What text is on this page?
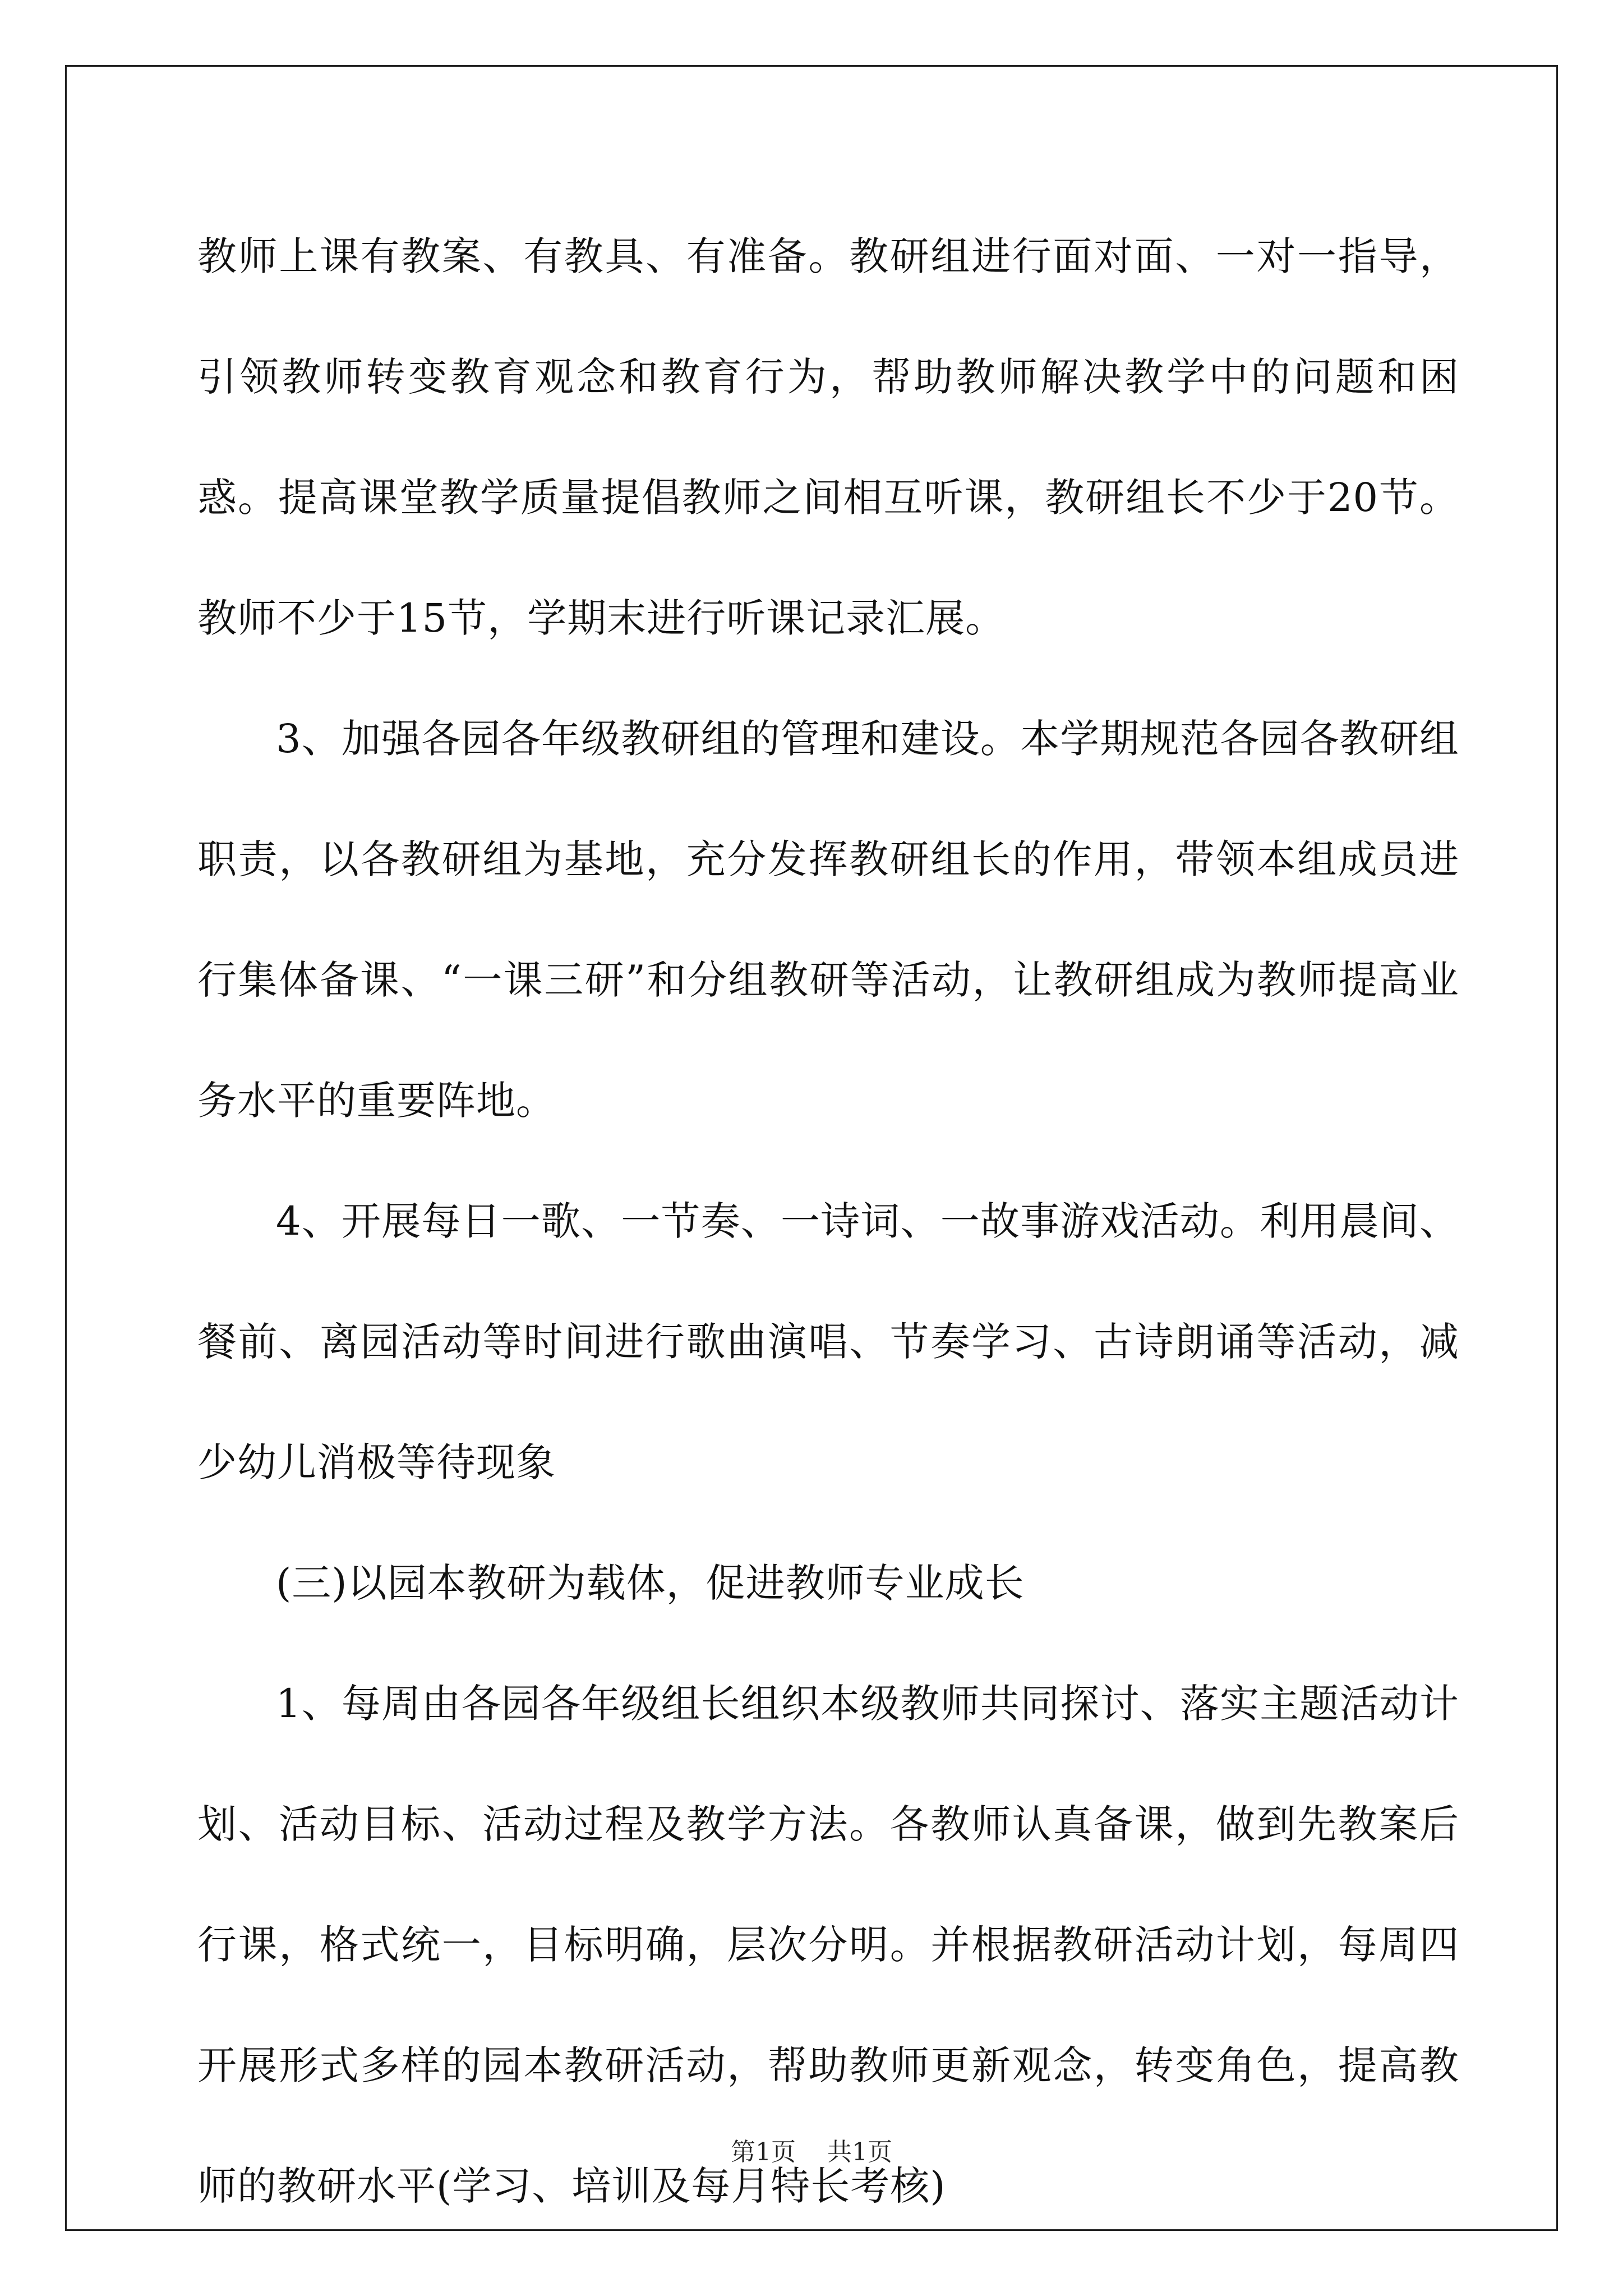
教师上课有教案、有教具、有准备。教研组进行面对面、一对一指导，引领教师转变教育观念和教育行为，帮助教师解决教学中的问题和困惑。提高课堂教学质量提倡教师之间相互听课，教研组长不少于20节。教师不少于15节，学期末进行听课记录汇展。

3、加强各园各年级教研组的管理和建设。本学期规范各园各教研组职责，以各教研组为基地，充分发挥教研组长的作用，带领本组成员进行集体备课、“一课三研”和分组教研等活动，让教研组成为教师提高业务水平的重要阵地。

4、开展每日一歌、一节奏、一诗词、一故事游戏活动。利用晨间、餐前、离园活动等时间进行歌曲演唱、节奏学习、古诗朗诵等活动，减少幼儿消极等待现象

(三)以园本教研为载体，促进教师专业成长

1、每周由各园各年级组长组织本级教师共同探讨、落实主题活动计划、活动目标、活动过程及教学方法。各教师认真备课，做到先教案后行课，格式统一，目标明确，层次分明。并根据教研活动计划，每周四开展形式多样的园本教研活动，帮助教师更新观念，转变角色，提高教师的教研水平(学习、培训及每月特长考核)

第1页 共1页
